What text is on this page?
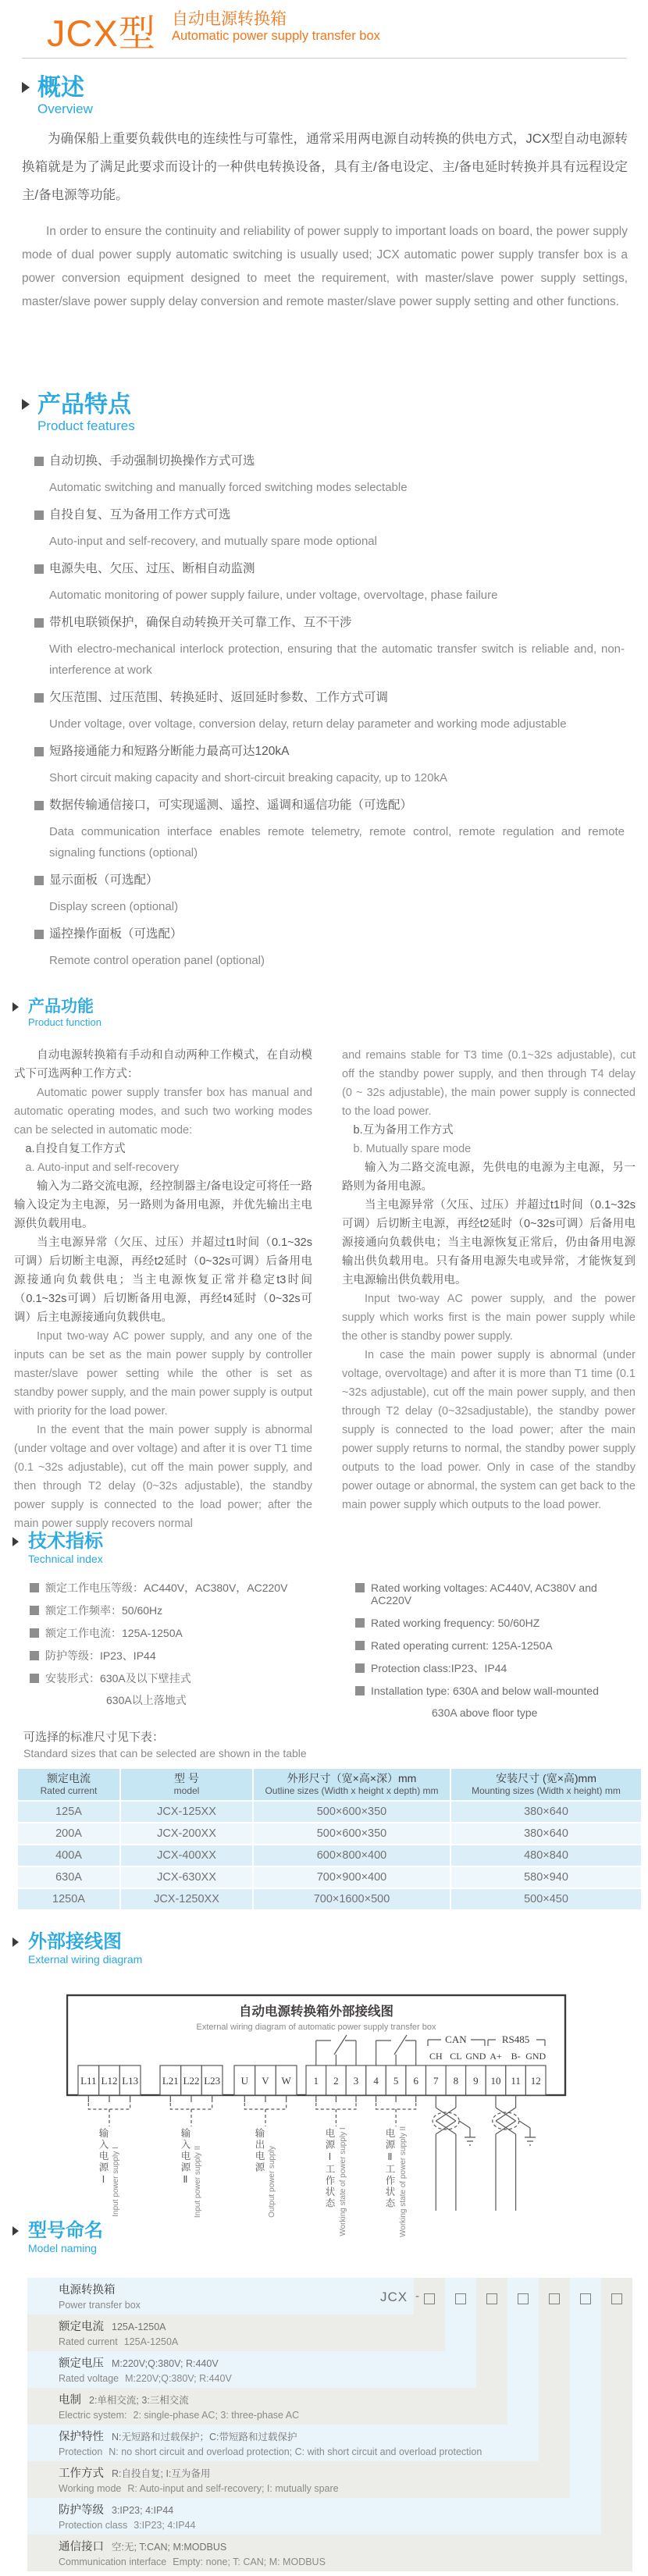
JCX型 自动电源转换箱
Automatic power supply transfer box
概述
Overview

为确保船上重要负载供电的连续性与可靠性，通常采用两电源自动转换的供电方式，JCX型自动电源转换箱就是为了满足此要求而设计的一种供电转换设备，具有主/备电设定、主/备电延时转换并具有远程设定主/备电源等功能。

In order to ensure the continuity and reliability of power supply to important loads on board, the power supply mode of dual power supply automatic switching is usually used; JCX automatic power supply transfer box is a power conversion equipment designed to meet the requirement, with master/slave power supply settings, master/slave power supply delay conversion and remote master/slave power supply setting and other functions.

产品特点
Product features
自动切换、手动强制切换操作方式可选
Automatic switching and manually forced switching modes selectable
自投自复、互为备用工作方式可选
Auto-input and self-recovery, and mutually spare mode optional
电源失电、欠压、过压、断相自动监测
Automatic monitoring of power supply failure, under voltage, overvoltage, phase failure
带机电联锁保护，确保自动转换开关可靠工作、互不干涉
With electro-mechanical interlock protection, ensuring that the automatic transfer switch is reliable and, non-interference at work
欠压范围、过压范围、转换延时、返回延时参数、工作方式可调
Under voltage, over voltage, conversion delay, return delay parameter and working mode adjustable
短路接通能力和短路分断能力最高可达120kA
Short circuit making capacity and short-circuit breaking capacity, up to 120kA
数据传输通信接口，可实现遥测、遥控、遥调和遥信功能（可选配）
Data communication interface enables remote telemetry, remote control, remote regulation and remote signaling functions (optional)
显示面板（可选配）
Display screen (optional)
遥控操作面板（可选配）
Remote control operation panel (optional)
产品功能
Product function

自动电源转换箱有手动和自动两种工作模式，在自动模式下可选两种工作方式：

Automatic power supply transfer box has manual and automatic operating modes, and such two working modes can be selected in automatic mode:

a.自投自复工作方式

a. Auto-input and self-recovery

输入为二路交流电源，经控制器主/备电设定可将任一路输入设定为主电源，另一路则为备用电源，并优先输出主电源供负载用电。

当主电源异常（欠压、过压）并超过t1时间（0.1~32s可调）后切断主电源，再经t2延时（0~32s可调）后备用电源接通向负载供电；当主电源恢复正常并稳定t3时间（0.1~32s可调）后切断备用电源，再经t4延时（0~32s可调）后主电源接通向负载供电。

Input two-way AC power supply, and any one of the inputs can be set as the main power supply by controller master/slave power setting while the other is set as standby power supply, and the main power supply is output with priority for the load power.

In the event that the main power supply is abnormal (under voltage and over voltage) and after it is over T1 time (0.1 ~32s adjustable), cut off the main power supply, and then through T2 delay (0~32s adjustable), the standby power supply is connected to the load power; after the main power supply recovers normal

and remains stable for T3 time (0.1~32s adjustable), cut off the standby power supply, and then through T4 delay (0 ~ 32s adjustable), the main power supply is connected to the load power.

b.互为备用工作方式

b. Mutually spare mode

输入为二路交流电源，先供电的电源为主电源，另一路则为备用电源。

当主电源异常（欠压、过压）并超过t1时间（0.1~32s可调）后切断主电源，再经t2延时（0~32s可调）后备用电源接通向负载供电；当主电源恢复正常后，仍由备用电源输出供负载用电。只有备用电源失电或异常，才能恢复到主电源输出供负载用电。

Input two-way AC power supply, and the power supply which works first is the main power supply while the other is standby power supply.

In case the main power supply is abnormal (under voltage, overvoltage) and after it is more than T1 time (0.1 ~32s adjustable), cut off the main power supply, and then through T2 delay (0~32sadjustable), the standby power supply is connected to the load power; after the main power supply returns to normal, the standby power supply outputs to the load power. Only in case of the standby power outage or abnormal, the system can get back to the main power supply which outputs to the load power.

技术指标
Technical index
额定工作电压等级：AC440V，AC380V，AC220V
额定工作频率：50/60Hz
额定工作电流：125A-1250A
防护等级：IP23、IP44
安装形式：630A及以下壁挂式
630A以上落地式
Rated working voltages: AC440V, AC380V and AC220V
Rated working frequency: 50/60HZ
Rated operating current: 125A-1250A
Protection class:IP23、IP44
Installation type: 630A and below wall-mounted
630A above floor type

可选择的标准尺寸见下表：

Standard sizes that can be selected are shown in the table

额定电流
Rated current	型 号
model	外形尺寸（宽×高×深）mm
Outline sizes (Width x height x depth) mm	安装尺寸 (宽×高)mm
Mounting sizes (Width x height) mm

125A	JCX-125XX	500×600×350	380×640
200A	JCX-200XX	500×600×350	380×640
400A	JCX-400XX	600×800×400	480×840
630A	JCX-630XX	700×900×400	580×940
1250A	JCX-1250XX	700×1600×500	500×450
外部接线图
External wiring diagram
自动电源转换箱外部接线图
External wiring diagram of automatic power supply transfer box
L11 L12 L13 L21 L22 L23 U V W 1 2 3 4 5 6 7 8 9 10 11 12
CAN	RS485
CH CL GND A+ B- GND
输入电源Ⅰ Input power supply I	输入电源Ⅱ Input power supply II	输出电源 Output power supply	电源Ⅰ工作状态 Working state of power supply I	电源Ⅱ工作状态 Working state of power supply II
型号命名
Model naming
电源转换箱
Power transfer box
额定电流 125A-1250A
Rated current 125A-1250A
额定电压 M:220V;Q:380V; R:440V
Rated voltage M:220V;Q:380V; R:440V
电制 2:单相交流; 3:三相交流
Electric system: 2: single-phase AC; 3: three-phase AC
保护特性 N:无短路和过载保护；C:带短路和过载保护
Protection N: no short circuit and overload protection; C: with short circuit and overload protection
工作方式 R:自投自复; I:互为备用
Working mode R: Auto-input and self-recovery; I: mutually spare
防护等级 3:IP23; 4:IP44
Protection class 3:IP23; 4:IP44
通信接口 空:无; T:CAN; M:MODBUS
Communication interface Empty: none; T: CAN; M: MODBUS
JCX -
